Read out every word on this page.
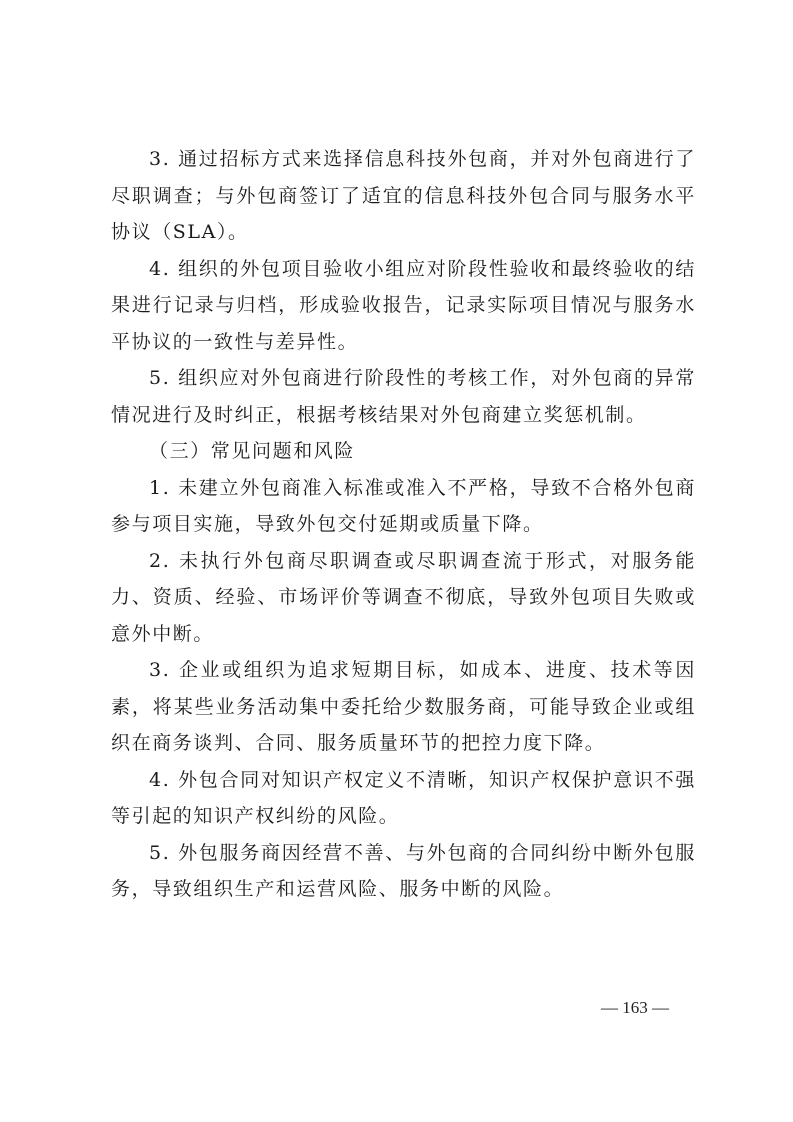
3. 通过招标方式来选择信息科技外包商，并对外包商进行了尽职调查；与外包商签订了适宜的信息科技外包合同与服务水平协议（SLA）。

4. 组织的外包项目验收小组应对阶段性验收和最终验收的结果进行记录与归档，形成验收报告，记录实际项目情况与服务水平协议的一致性与差异性。

5. 组织应对外包商进行阶段性的考核工作，对外包商的异常情况进行及时纠正，根据考核结果对外包商建立奖惩机制。

（三）常见问题和风险

1. 未建立外包商准入标准或准入不严格，导致不合格外包商参与项目实施，导致外包交付延期或质量下降。

2. 未执行外包商尽职调查或尽职调查流于形式，对服务能力、资质、经验、市场评价等调查不彻底，导致外包项目失败或意外中断。

3. 企业或组织为追求短期目标，如成本、进度、技术等因素，将某些业务活动集中委托给少数服务商，可能导致企业或组织在商务谈判、合同、服务质量环节的把控力度下降。

4. 外包合同对知识产权定义不清晰，知识产权保护意识不强等引起的知识产权纠纷的风险。

5. 外包服务商因经营不善、与外包商的合同纠纷中断外包服务，导致组织生产和运营风险、服务中断的风险。

— 163 —
